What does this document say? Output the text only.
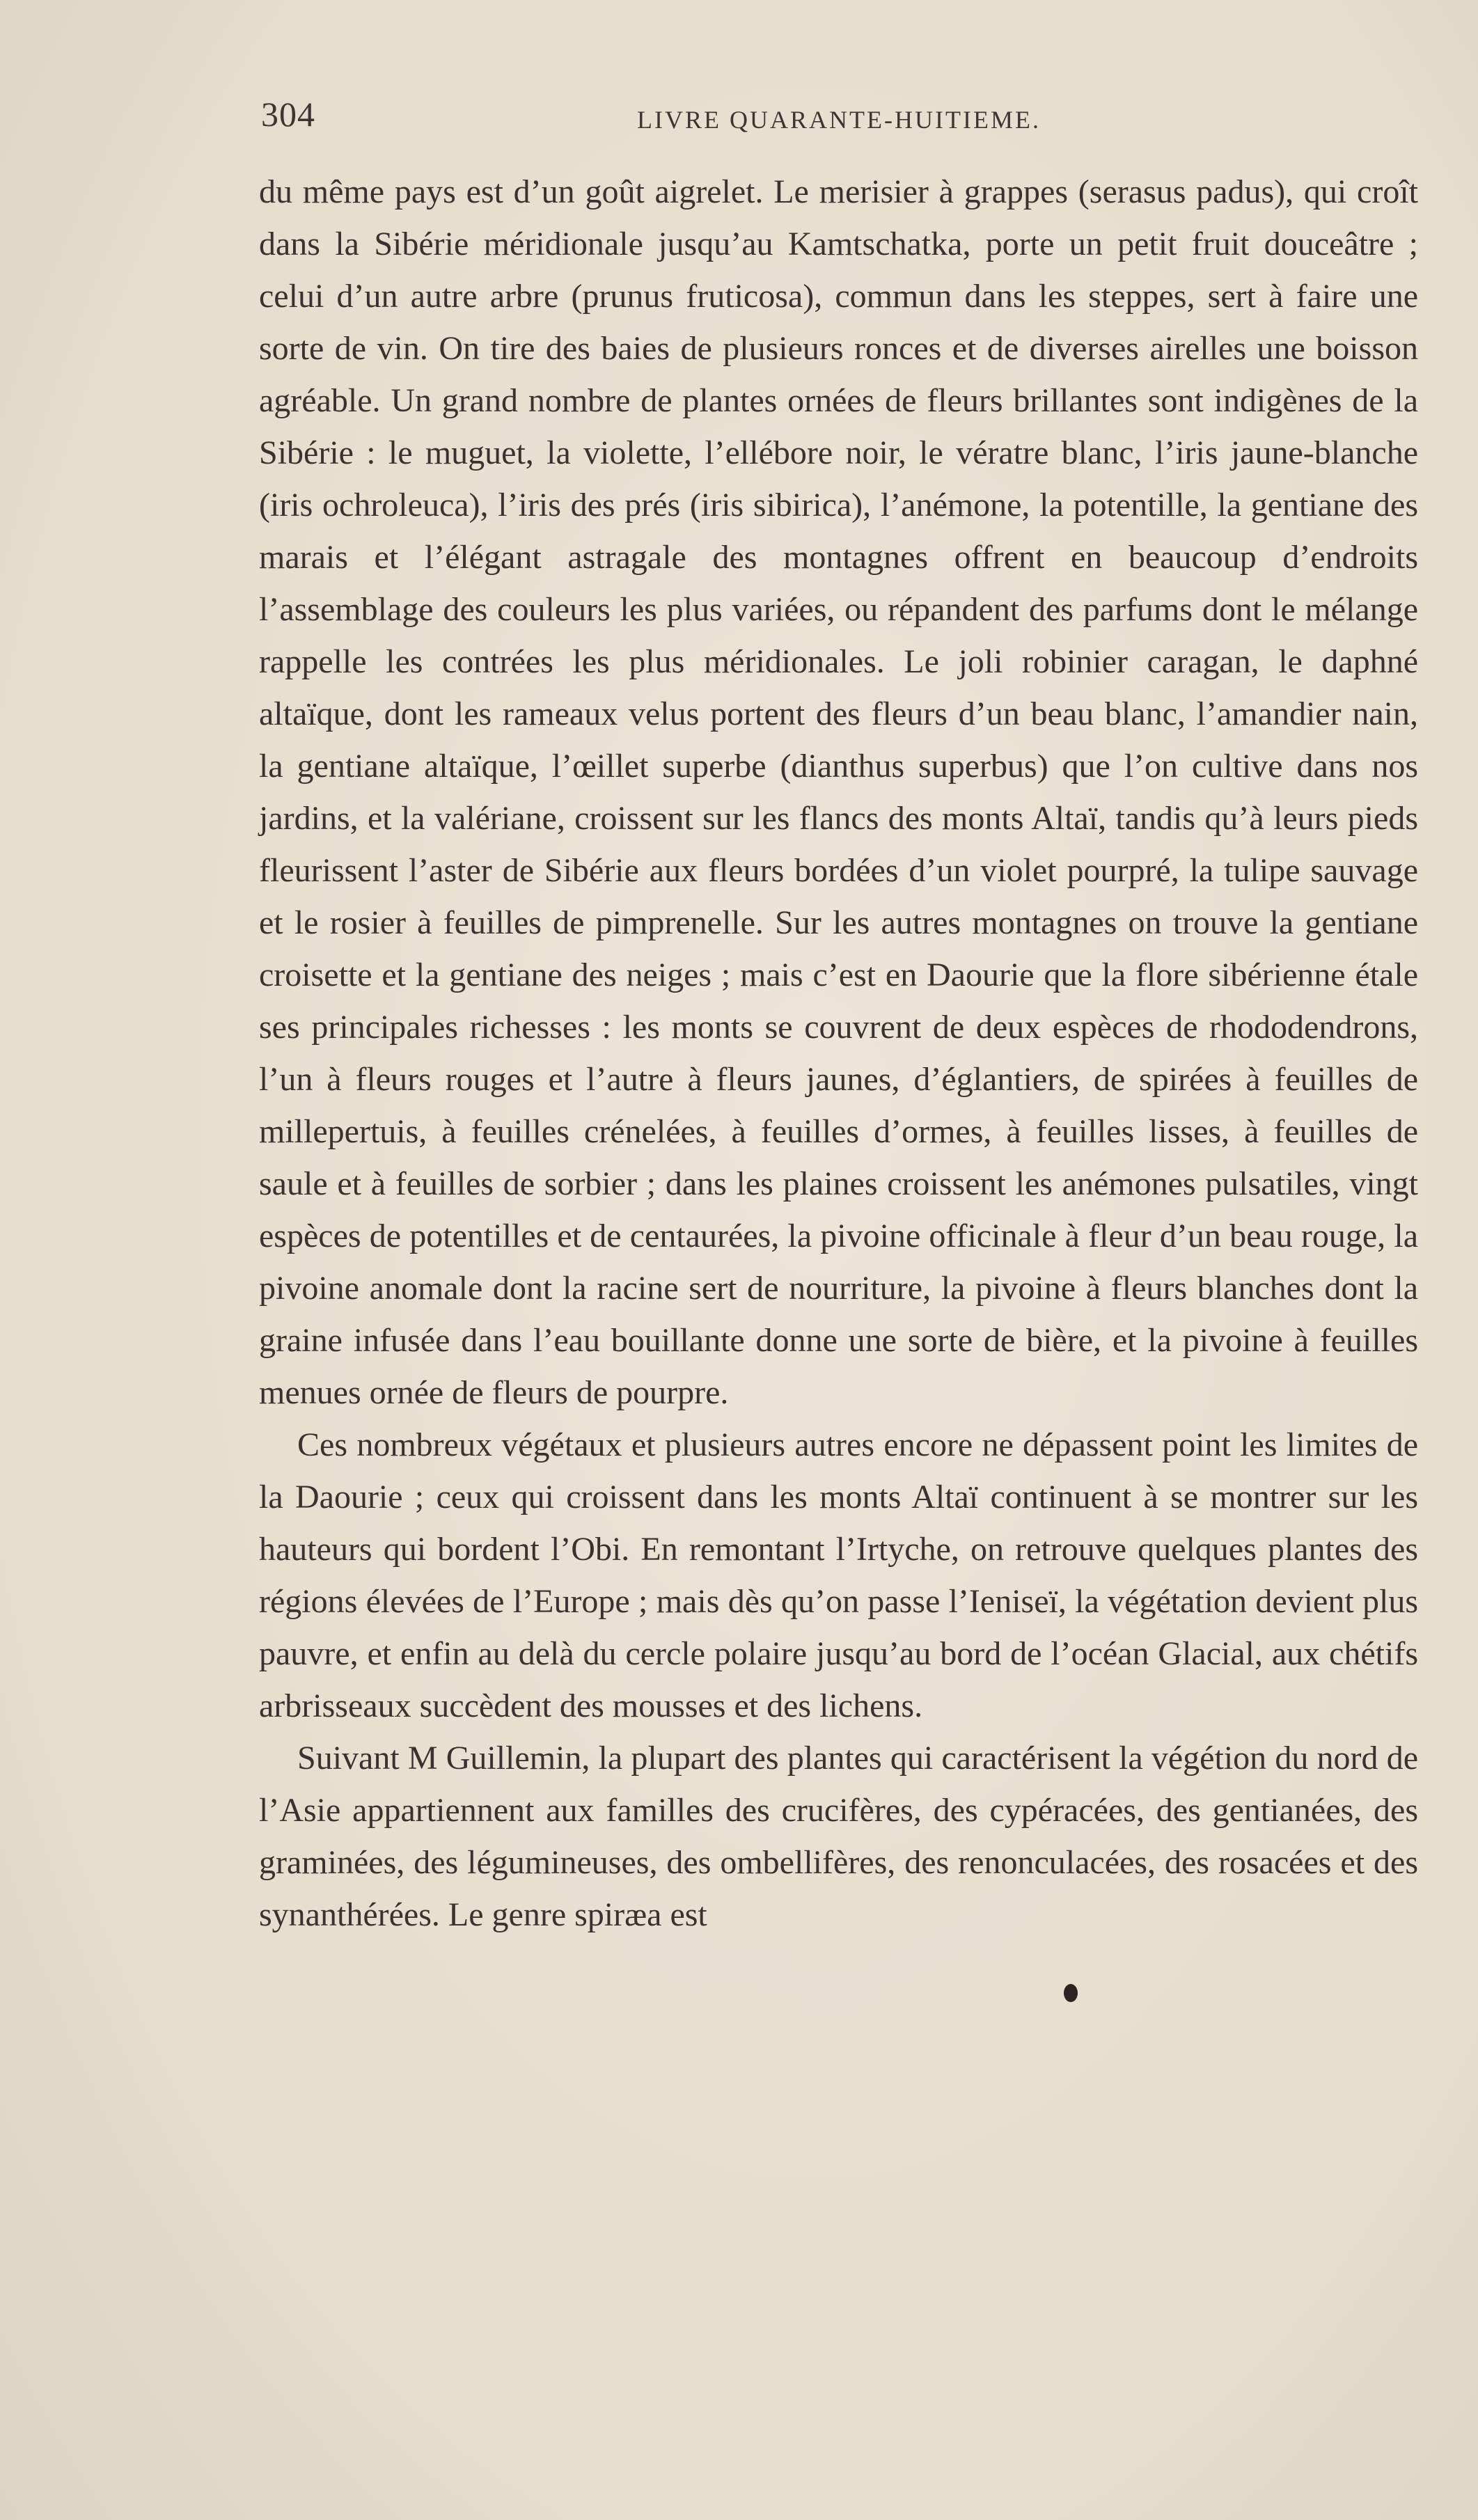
304	LIVRE QUARANTE-HUITIEME.

du même pays est d’un goût aigrelet. Le merisier à grappes (serasus padus), qui croît dans la Sibérie méridionale jusqu’au Kamtschatka, porte un petit fruit douceâtre ; celui d’un autre arbre (prunus fruticosa), commun dans les steppes, sert à faire une sorte de vin. On tire des baies de plusieurs ronces et de diverses airelles une boisson agréable. Un grand nombre de plantes ornées de fleurs brillantes sont indigènes de la Sibérie : le muguet, la violette, l’ellébore noir, le vératre blanc, l’iris jaune-blanche (iris ochroleuca), l’iris des prés (iris sibirica), l’anémone, la potentille, la gentiane des marais et l’élégant astragale des montagnes offrent en beaucoup d’endroits l’assemblage des couleurs les plus variées, ou répandent des parfums dont le mélange rappelle les contrées les plus méridionales. Le joli robinier caragan, le daphné altaïque, dont les rameaux velus portent des fleurs d’un beau blanc, l’amandier nain, la gentiane altaïque, l’œillet superbe (dianthus superbus) que l’on cultive dans nos jardins, et la valériane, croissent sur les flancs des monts Altaï, tandis qu’à leurs pieds fleurissent l’aster de Sibérie aux fleurs bordées d’un violet pourpré, la tulipe sauvage et le rosier à feuilles de pimprenelle. Sur les autres montagnes on trouve la gentiane croisette et la gentiane des neiges ; mais c’est en Daourie que la flore sibérienne étale ses principales richesses : les monts se couvrent de deux espèces de rhododendrons, l’un à fleurs rouges et l’autre à fleurs jaunes, d’églantiers, de spirées à feuilles de millepertuis, à feuilles crénelées, à feuilles d’ormes, à feuilles lisses, à feuilles de saule et à feuilles de sorbier ; dans les plaines croissent les anémones pulsatiles, vingt espèces de potentilles et de centaurées, la pivoine officinale à fleur d’un beau rouge, la pivoine anomale dont la racine sert de nourriture, la pivoine à fleurs blanches dont la graine infusée dans l’eau bouillante donne une sorte de bière, et la pivoine à feuilles menues ornée de fleurs de pourpre.

Ces nombreux végétaux et plusieurs autres encore ne dépassent point les limites de la Daourie ; ceux qui croissent dans les monts Altaï continuent à se montrer sur les hauteurs qui bordent l’Obi. En remontant l’Irtyche, on retrouve quelques plantes des régions élevées de l’Europe ; mais dès qu’on passe l’Ieniseï, la végétation devient plus pauvre, et enfin au delà du cercle polaire jusqu’au bord de l’océan Glacial, aux chétifs arbrisseaux succèdent des mousses et des lichens.

Suivant M Guillemin, la plupart des plantes qui caractérisent la végétion du nord de l’Asie appartiennent aux familles des crucifères, des cypéracées, des gentianées, des graminées, des légumineuses, des ombellifères, des renonculacées, des rosacées et des synanthérées. Le genre spiræa est
